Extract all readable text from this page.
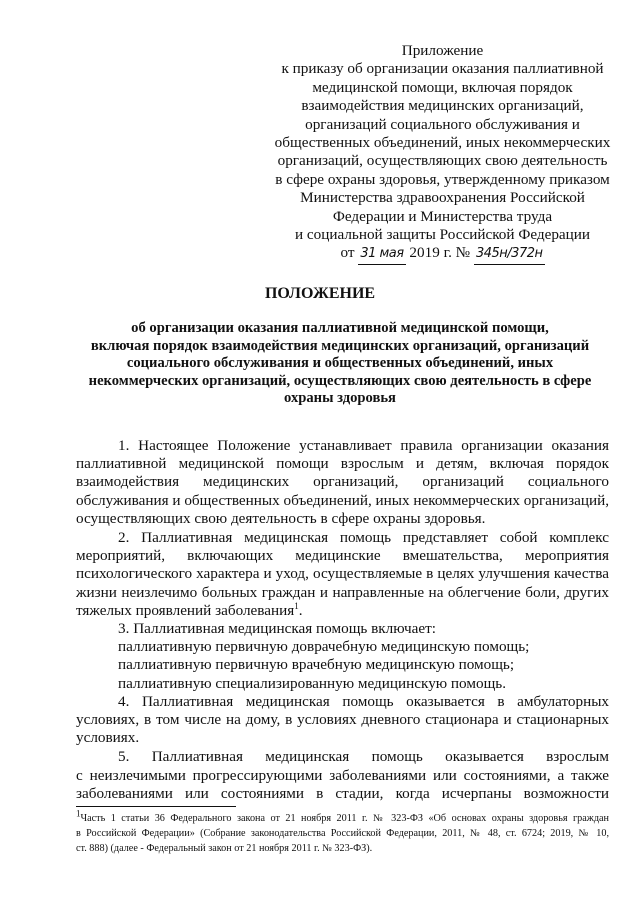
Приложение
к приказу об организации оказания паллиативной
медицинской помощи, включая порядок
взаимодействия медицинских организаций,
организаций социального обслуживания и
общественных объединений, иных некоммерческих
организаций, осуществляющих свою деятельность
в сфере охраны здоровья, утвержденному приказом
Министерства здравоохранения Российской
Федерации и Министерства труда
и социальной защиты Российской Федерации
от 31 мая 2019 г. № 345н/372н
ПОЛОЖЕНИЕ
об организации оказания паллиативной медицинской помощи,
включая порядок взаимодействия медицинских организаций, организаций
социального обслуживания и общественных объединений, иных
некоммерческих организаций, осуществляющих свою деятельность в сфере
охраны здоровья
1. Настоящее Положение устанавливает правила организации оказания
паллиативной медицинской помощи взрослым и детям, включая порядок
взаимодействия медицинских организаций, организаций социального
обслуживания и общественных объединений, иных некоммерческих организаций,
осуществляющих свою деятельность в сфере охраны здоровья.
2. Паллиативная медицинская помощь представляет собой комплекс
мероприятий, включающих медицинские вмешательства, мероприятия
психологического характера и уход, осуществляемые в целях улучшения качества
жизни неизлечимо больных граждан и направленные на облегчение боли, других
тяжелых проявлений заболевания$^1$.
3. Паллиативная медицинская помощь включает:
паллиативную первичную доврачебную медицинскую помощь;
паллиативную первичную врачебную медицинскую помощь;
паллиативную специализированную медицинскую помощь.
4. Паллиативная медицинская помощь оказывается в амбулаторных
условиях, в том числе на дому, в условиях дневного стационара и стационарных
условиях.
5. Паллиативная медицинская помощь оказывается взрослым
с неизлечимыми прогрессирующими заболеваниями или состояниями, а также
заболеваниями или состояниями в стадии, когда исчерпаны возможности
$^1$Часть 1 статьи 36 Федерального закона от 21 ноября 2011 г. № 323-ФЗ «Об основах охраны здоровья граждан
в Российской Федерации» (Собрание законодательства Российской Федерации, 2011, № 48, ст. 6724; 2019, № 10,
ст. 888) (далее - Федеральный закон от 21 ноября 2011 г. № 323-ФЗ).
